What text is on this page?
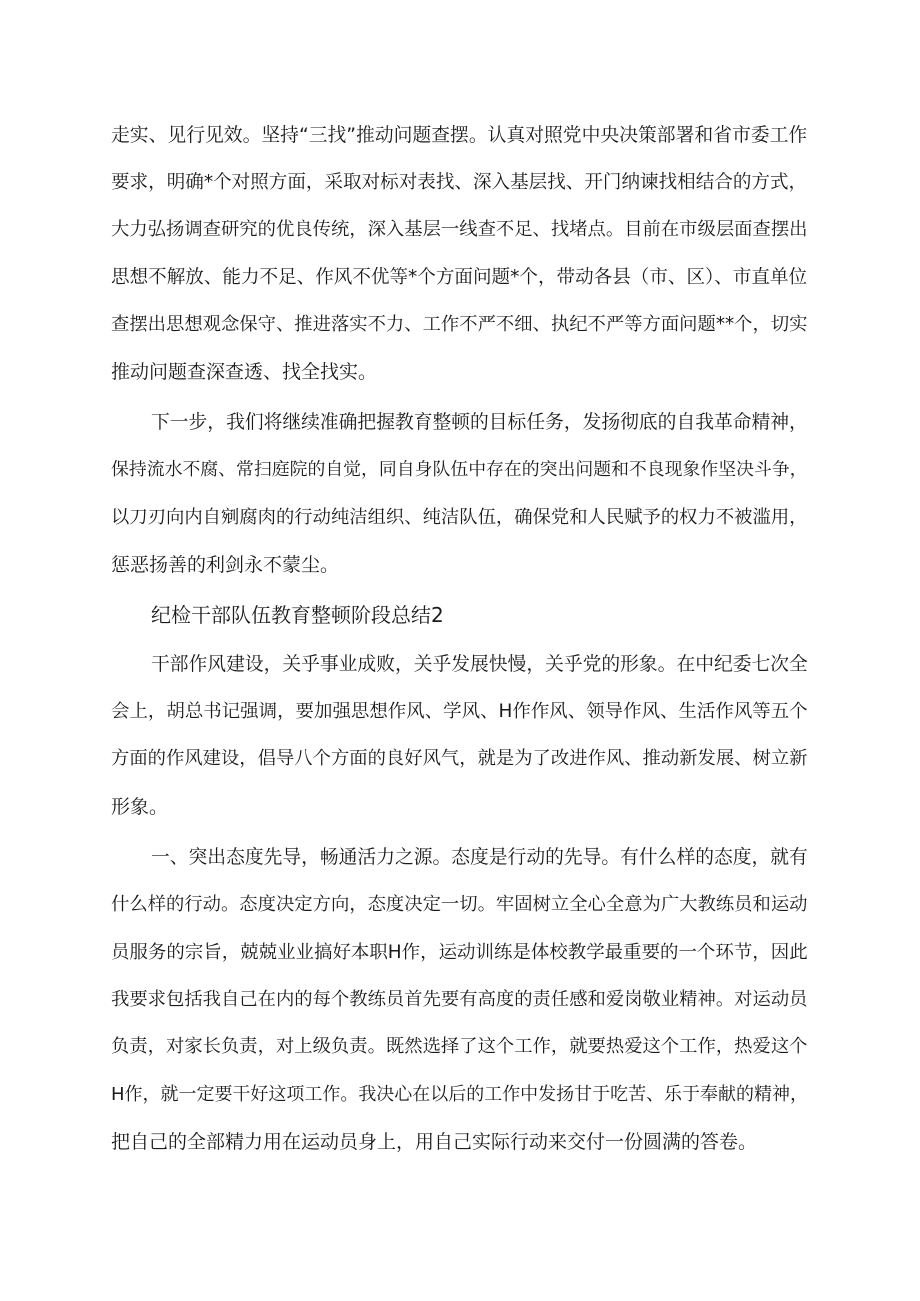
走实、见行见效。坚持“三找”推动问题查摆。认真对照党中央决策部署和省市委工作
要求，明确*个对照方面，采取对标对表找、深入基层找、开门纳谏找相结合的方式，
大力弘扬调查研究的优良传统，深入基层一线查不足、找堵点。目前在市级层面查摆出
思想不解放、能力不足、作风不优等*个方面问题*个，带动各县（市、区）、市直单位
查摆出思想观念保守、推进落实不力、工作不严不细、执纪不严等方面问题**个，切实
推动问题查深查透、找全找实。
下一步，我们将继续准确把握教育整顿的目标任务，发扬彻底的自我革命精神，
保持流水不腐、常扫庭院的自觉，同自身队伍中存在的突出问题和不良现象作坚决斗争，
以刀刃向内自剜腐肉的行动纯洁组织、纯洁队伍，确保党和人民赋予的权力不被滥用，
惩恶扬善的利剑永不蒙尘。
纪检干部队伍教育整顿阶段总结2
干部作风建设，关乎事业成败，关乎发展快慢，关乎党的形象。在中纪委七次全
会上，胡总书记强调，要加强思想作风、学风、H作作风、领导作风、生活作风等五个
方面的作风建设，倡导八个方面的良好风气，就是为了改进作风、推动新发展、树立新
形象。
一、突出态度先导，畅通活力之源。态度是行动的先导。有什么样的态度，就有
什么样的行动。态度决定方向，态度决定一切。牢固树立全心全意为广大教练员和运动
员服务的宗旨，兢兢业业搞好本职H作，运动训练是体校教学最重要的一个环节，因此
我要求包括我自己在内的每个教练员首先要有高度的责任感和爱岗敬业精神。对运动员
负责，对家长负责，对上级负责。既然选择了这个工作，就要热爱这个工作，热爱这个
H作，就一定要干好这项工作。我决心在以后的工作中发扬甘于吃苦、乐于奉献的精神，
把自己的全部精力用在运动员身上，用自己实际行动来交付一份圆满的答卷。
